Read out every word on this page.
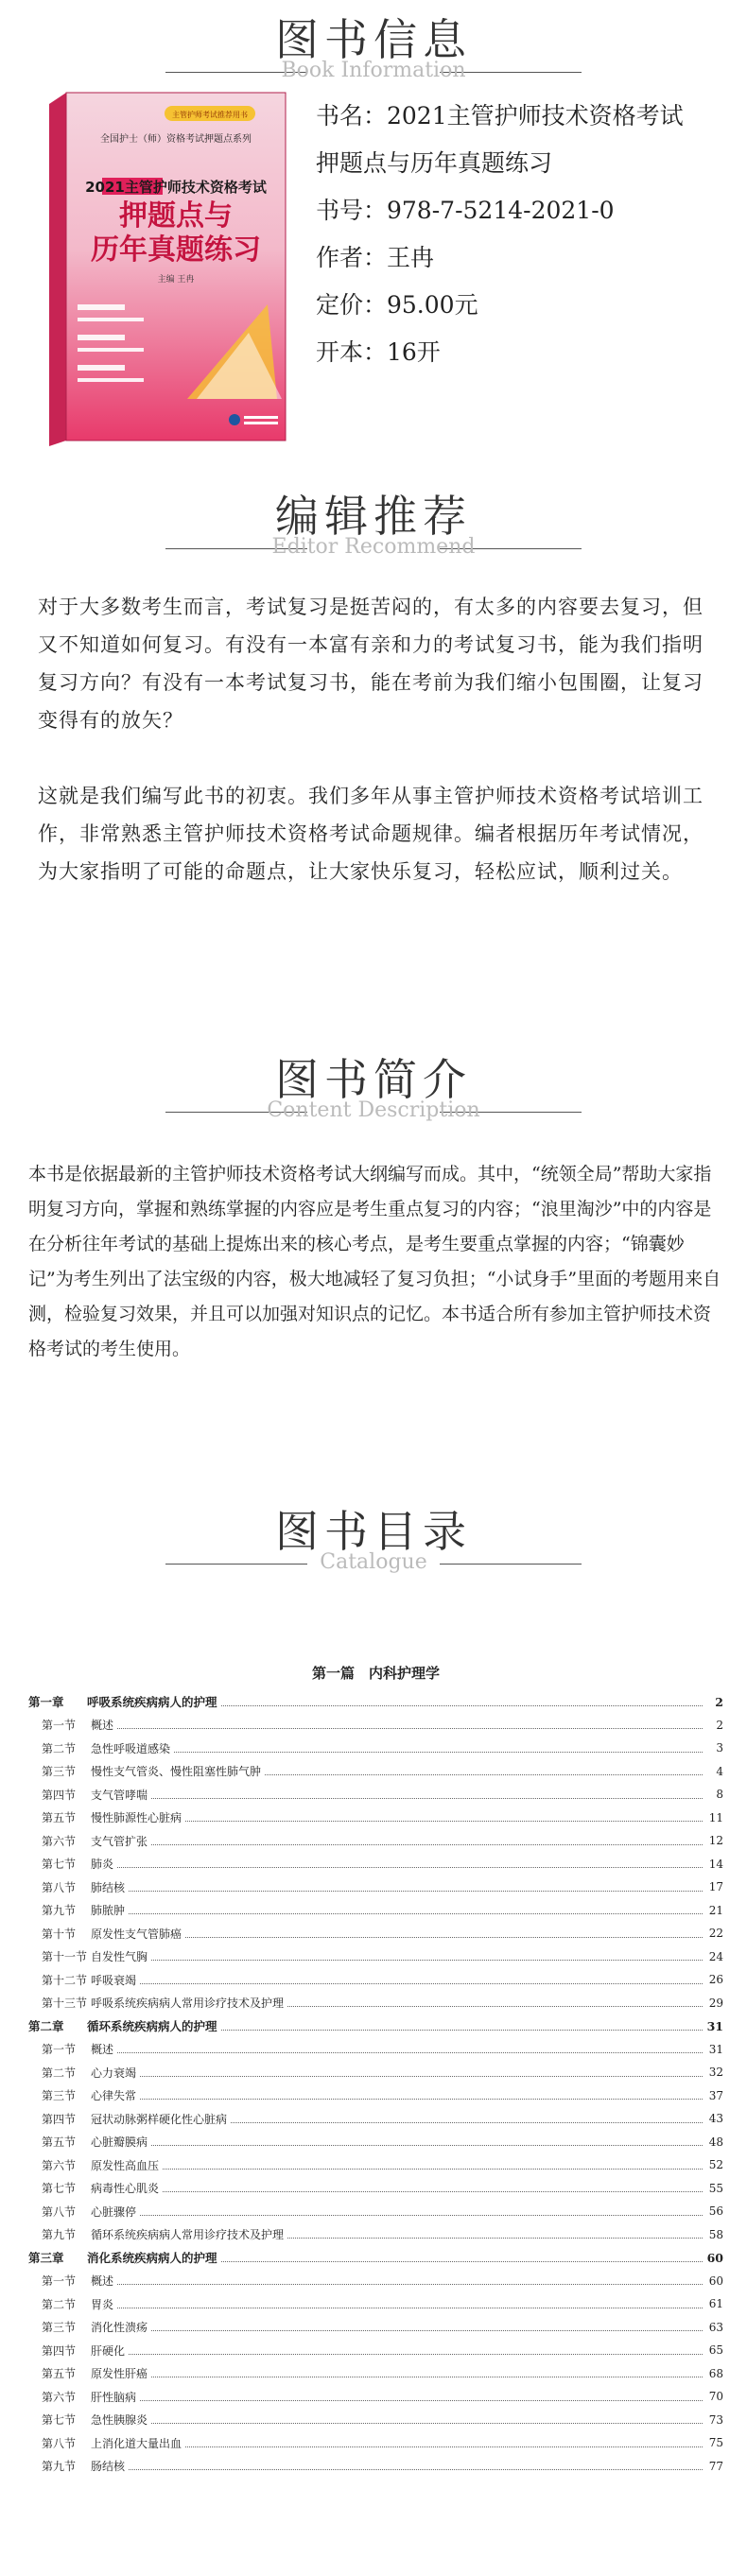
图书信息
Book Information
主管护师考试推荐用书
全国护士（师）资格考试押题点系列
2021主管护师技术资格考试
押题点与
历年真题练习
主编 王冉
书名：2021主管护师技术资格考试
押题点与历年真题练习
书号：978-7-5214-2021-0
作者：王冉
定价：95.00元
开本：16开
编辑推荐
Editor Recommend
对于大多数考生而言，考试复习是挺苦闷的，有太多的内容要去复习，但又不知道如何复习。有没有一本富有亲和力的考试复习书，能为我们指明复习方向？有没有一本考试复习书，能在考前为我们缩小包围圈，让复习变得有的放矢？
这就是我们编写此书的初衷。我们多年从事主管护师技术资格考试培训工作，非常熟悉主管护师技术资格考试命题规律。编者根据历年考试情况，为大家指明了可能的命题点，让大家快乐复习，轻松应试，顺利过关。
图书简介
Content Description
本书是依据最新的主管护师技术资格考试大纲编写而成。其中，“统领全局”帮助大家指明复习方向，掌握和熟练掌握的内容应是考生重点复习的内容；“浪里淘沙”中的内容是在分析往年考试的基础上提炼出来的核心考点，是考生要重点掌握的内容；“锦囊妙记”为考生列出了法宝级的内容，极大地减轻了复习负担；“小试身手”里面的考题用来自测，检验复习效果，并且可以加强对知识点的记忆。本书适合所有参加主管护师技术资格考试的考生使用。
图书目录
Catalogue
第一篇　内科护理学
第一章	呼吸系统疾病病人的护理	2
第一节	概述	2
第二节	急性呼吸道感染	3
第三节	慢性支气管炎、慢性阻塞性肺气肿	4
第四节	支气管哮喘	8
第五节	慢性肺源性心脏病	11
第六节	支气管扩张	12
第七节	肺炎	14
第八节	肺结核	17
第九节	肺脓肿	21
第十节	原发性支气管肺癌	22
第十一节 自发性气胸	24
第十二节 呼吸衰竭	26
第十三节 呼吸系统疾病病人常用诊疗技术及护理	29
第二章	循环系统疾病病人的护理	31
第一节	概述	31
第二节	心力衰竭	32
第三节	心律失常	37
第四节	冠状动脉粥样硬化性心脏病	43
第五节	心脏瓣膜病	48
第六节	原发性高血压	52
第七节	病毒性心肌炎	55
第八节	心脏骤停	56
第九节	循环系统疾病病人常用诊疗技术及护理	58
第三章	消化系统疾病病人的护理	60
第一节	概述	60
第二节	胃炎	61
第三节	消化性溃疡	63
第四节	肝硬化	65
第五节	原发性肝癌	68
第六节	肝性脑病	70
第七节	急性胰腺炎	73
第八节	上消化道大量出血	75
第九节	肠结核	77
